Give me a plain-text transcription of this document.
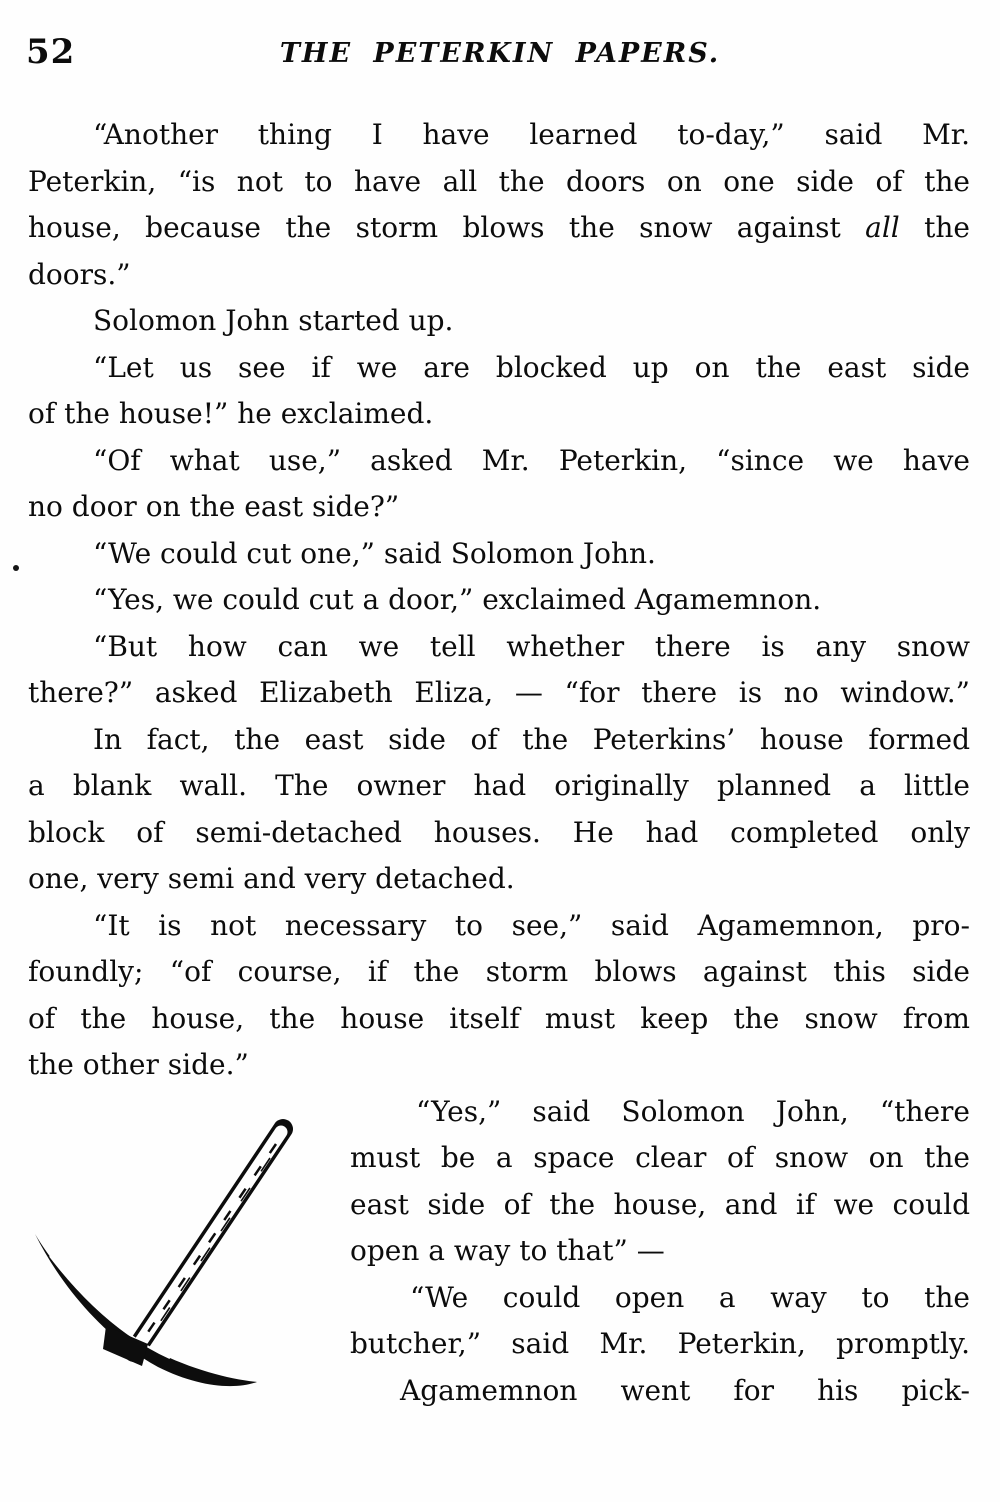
52	THE PETERKIN PAPERS.
“Another thing I have learned to-day,” said Mr.
Peterkin, “is not to have all the doors on one side of the
house, because the storm blows the snow against all the
doors.”
Solomon John started up.
“Let us see if we are blocked up on the east side
of the house!” he exclaimed.
“Of what use,” asked Mr. Peterkin, “since we have
no door on the east side?”
“We could cut one,” said Solomon John.
“Yes, we could cut a door,” exclaimed Agamemnon.
“But how can we tell whether there is any snow
there?” asked Elizabeth Eliza, — “for there is no window.”
In fact, the east side of the Peterkins’ house formed
a blank wall. The owner had originally planned a little
block of semi-detached houses. He had completed only
one, very semi and very detached.
“It is not necessary to see,” said Agamemnon, pro-
foundly; “of course, if the storm blows against this side
of the house, the house itself must keep the snow from
the other side.”
“Yes,” said Solomon John, “there
must be a space clear of snow on the
east side of the house, and if we could
open a way to that” —
“We could open a way to the
butcher,” said Mr. Peterkin, promptly.
Agamemnon went for his pick-
